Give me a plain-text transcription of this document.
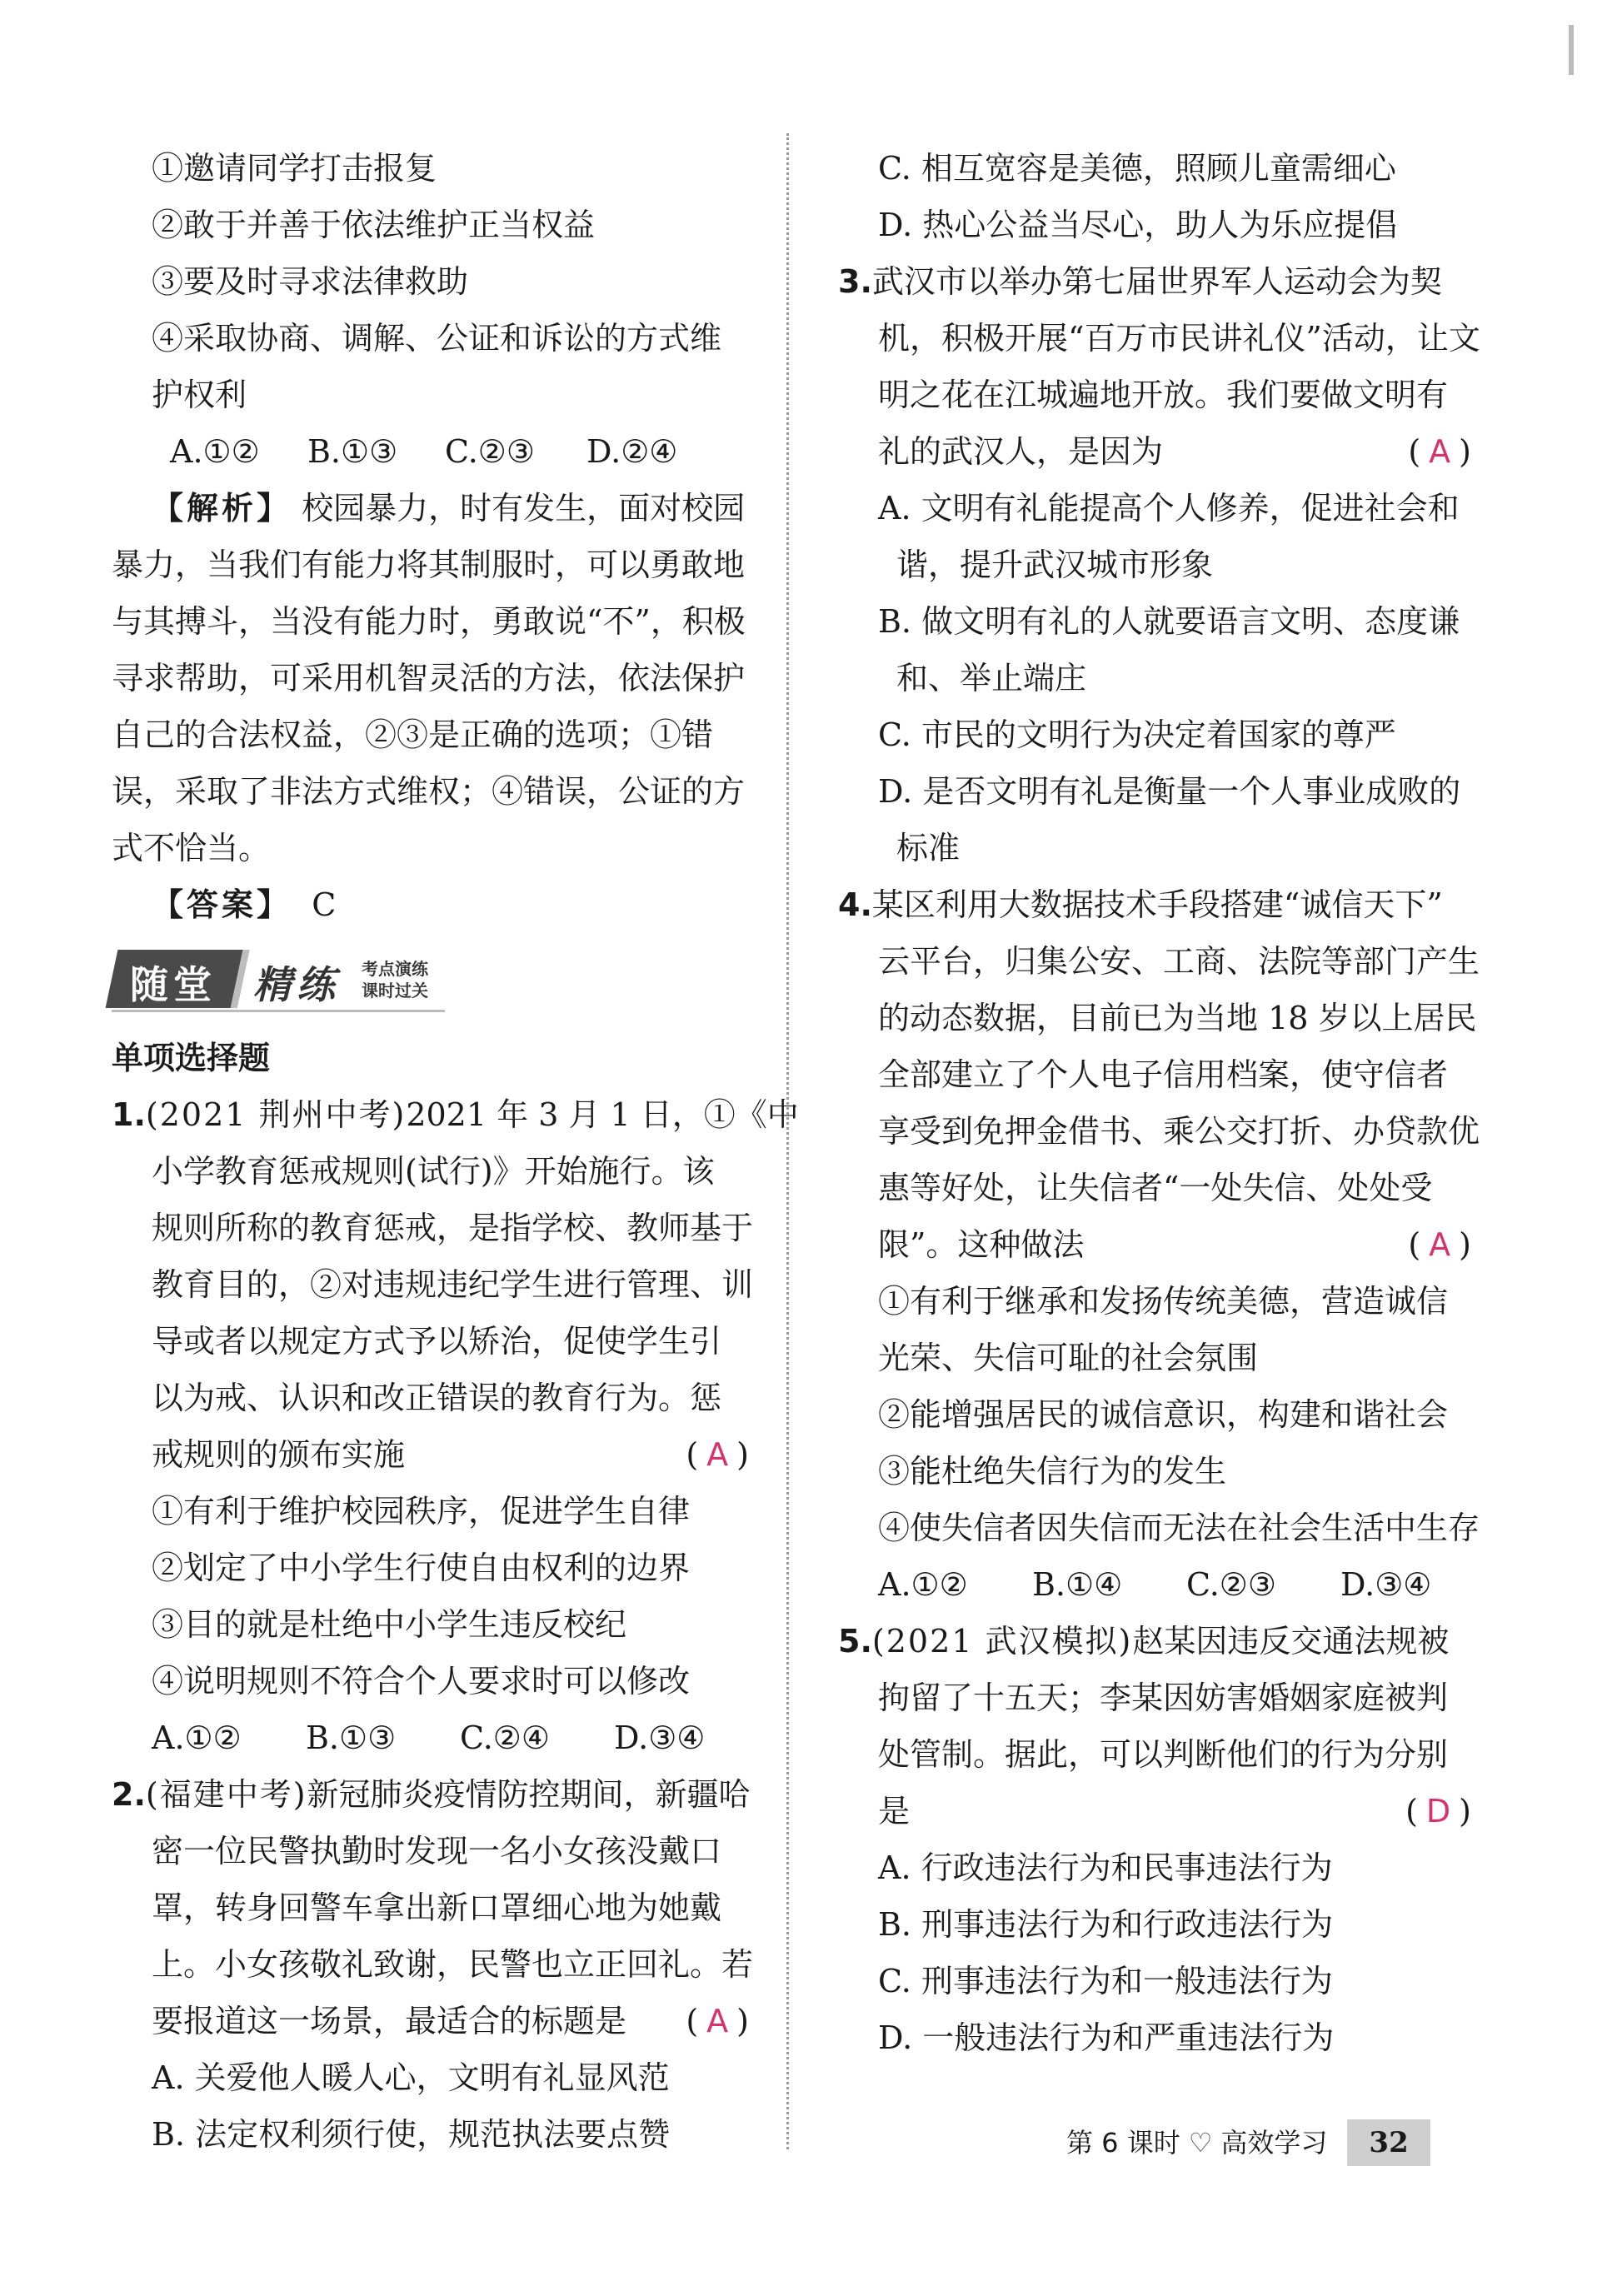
①邀请同学打击报复
②敢于并善于依法维护正当权益
③要及时寻求法律救助
④采取协商、调解、公证和诉讼的方式维
护权利
A.①② B.①③ C.②③ D.②④
【解析】 校园暴力，时有发生，面对校园
暴力，当我们有能力将其制服时，可以勇敢地
与其搏斗，当没有能力时，勇敢说“不”，积极
寻求帮助，可采用机智灵活的方法，依法保护
自己的合法权益，②③是正确的选项；①错
误，采取了非法方式维权；④错误，公证的方
式不恰当。
【答案】 C
随堂 精练 考点演练
课时过关
单项选择题
1.(2021 荆州中考)2021 年 3 月 1 日，①《中
小学教育惩戒规则(试行)》开始施行。该
规则所称的教育惩戒，是指学校、教师基于
教育目的，②对违规违纪学生进行管理、训
导或者以规定方式予以矫治，促使学生引
以为戒、认识和改正错误的教育行为。惩
戒规则的颁布实施	( A )
①有利于维护校园秩序，促进学生自律
②划定了中小学生行使自由权利的边界
③目的就是杜绝中小学生违反校纪
④说明规则不符合个人要求时可以修改
A.①② B.①③ C.②④ D.③④
2.(福建中考)新冠肺炎疫情防控期间，新疆哈
密一位民警执勤时发现一名小女孩没戴口
罩，转身回警车拿出新口罩细心地为她戴
上。小女孩敬礼致谢，民警也立正回礼。若
要报道这一场景，最适合的标题是 ( A )
A. 关爱他人暖人心，文明有礼显风范
B. 法定权利须行使，规范执法要点赞
C. 相互宽容是美德，照顾儿童需细心
D. 热心公益当尽心，助人为乐应提倡
3.武汉市以举办第七届世界军人运动会为契
机，积极开展“百万市民讲礼仪”活动，让文
明之花在江城遍地开放。我们要做文明有
礼的武汉人，是因为	( A )
A. 文明有礼能提高个人修养，促进社会和
谐，提升武汉城市形象
B. 做文明有礼的人就要语言文明、态度谦
和、举止端庄
C. 市民的文明行为决定着国家的尊严
D. 是否文明有礼是衡量一个人事业成败的
标准
4.某区利用大数据技术手段搭建“诚信天下”
云平台，归集公安、工商、法院等部门产生
的动态数据，目前已为当地 18 岁以上居民
全部建立了个人电子信用档案，使守信者
享受到免押金借书、乘公交打折、办贷款优
惠等好处，让失信者“一处失信、处处受
限”。这种做法	( A )
①有利于继承和发扬传统美德，营造诚信
光荣、失信可耻的社会氛围
②能增强居民的诚信意识，构建和谐社会
③能杜绝失信行为的发生
④使失信者因失信而无法在社会生活中生存
A.①② B.①④ C.②③ D.③④
5.(2021 武汉模拟)赵某因违反交通法规被
拘留了十五天；李某因妨害婚姻家庭被判
处管制。据此，可以判断他们的行为分别
是	( D )
A. 行政违法行为和民事违法行为
B. 刑事违法行为和行政违法行为
C. 刑事违法行为和一般违法行为
D. 一般违法行为和严重违法行为
第 6 课时 ♡ 高效学习 32
